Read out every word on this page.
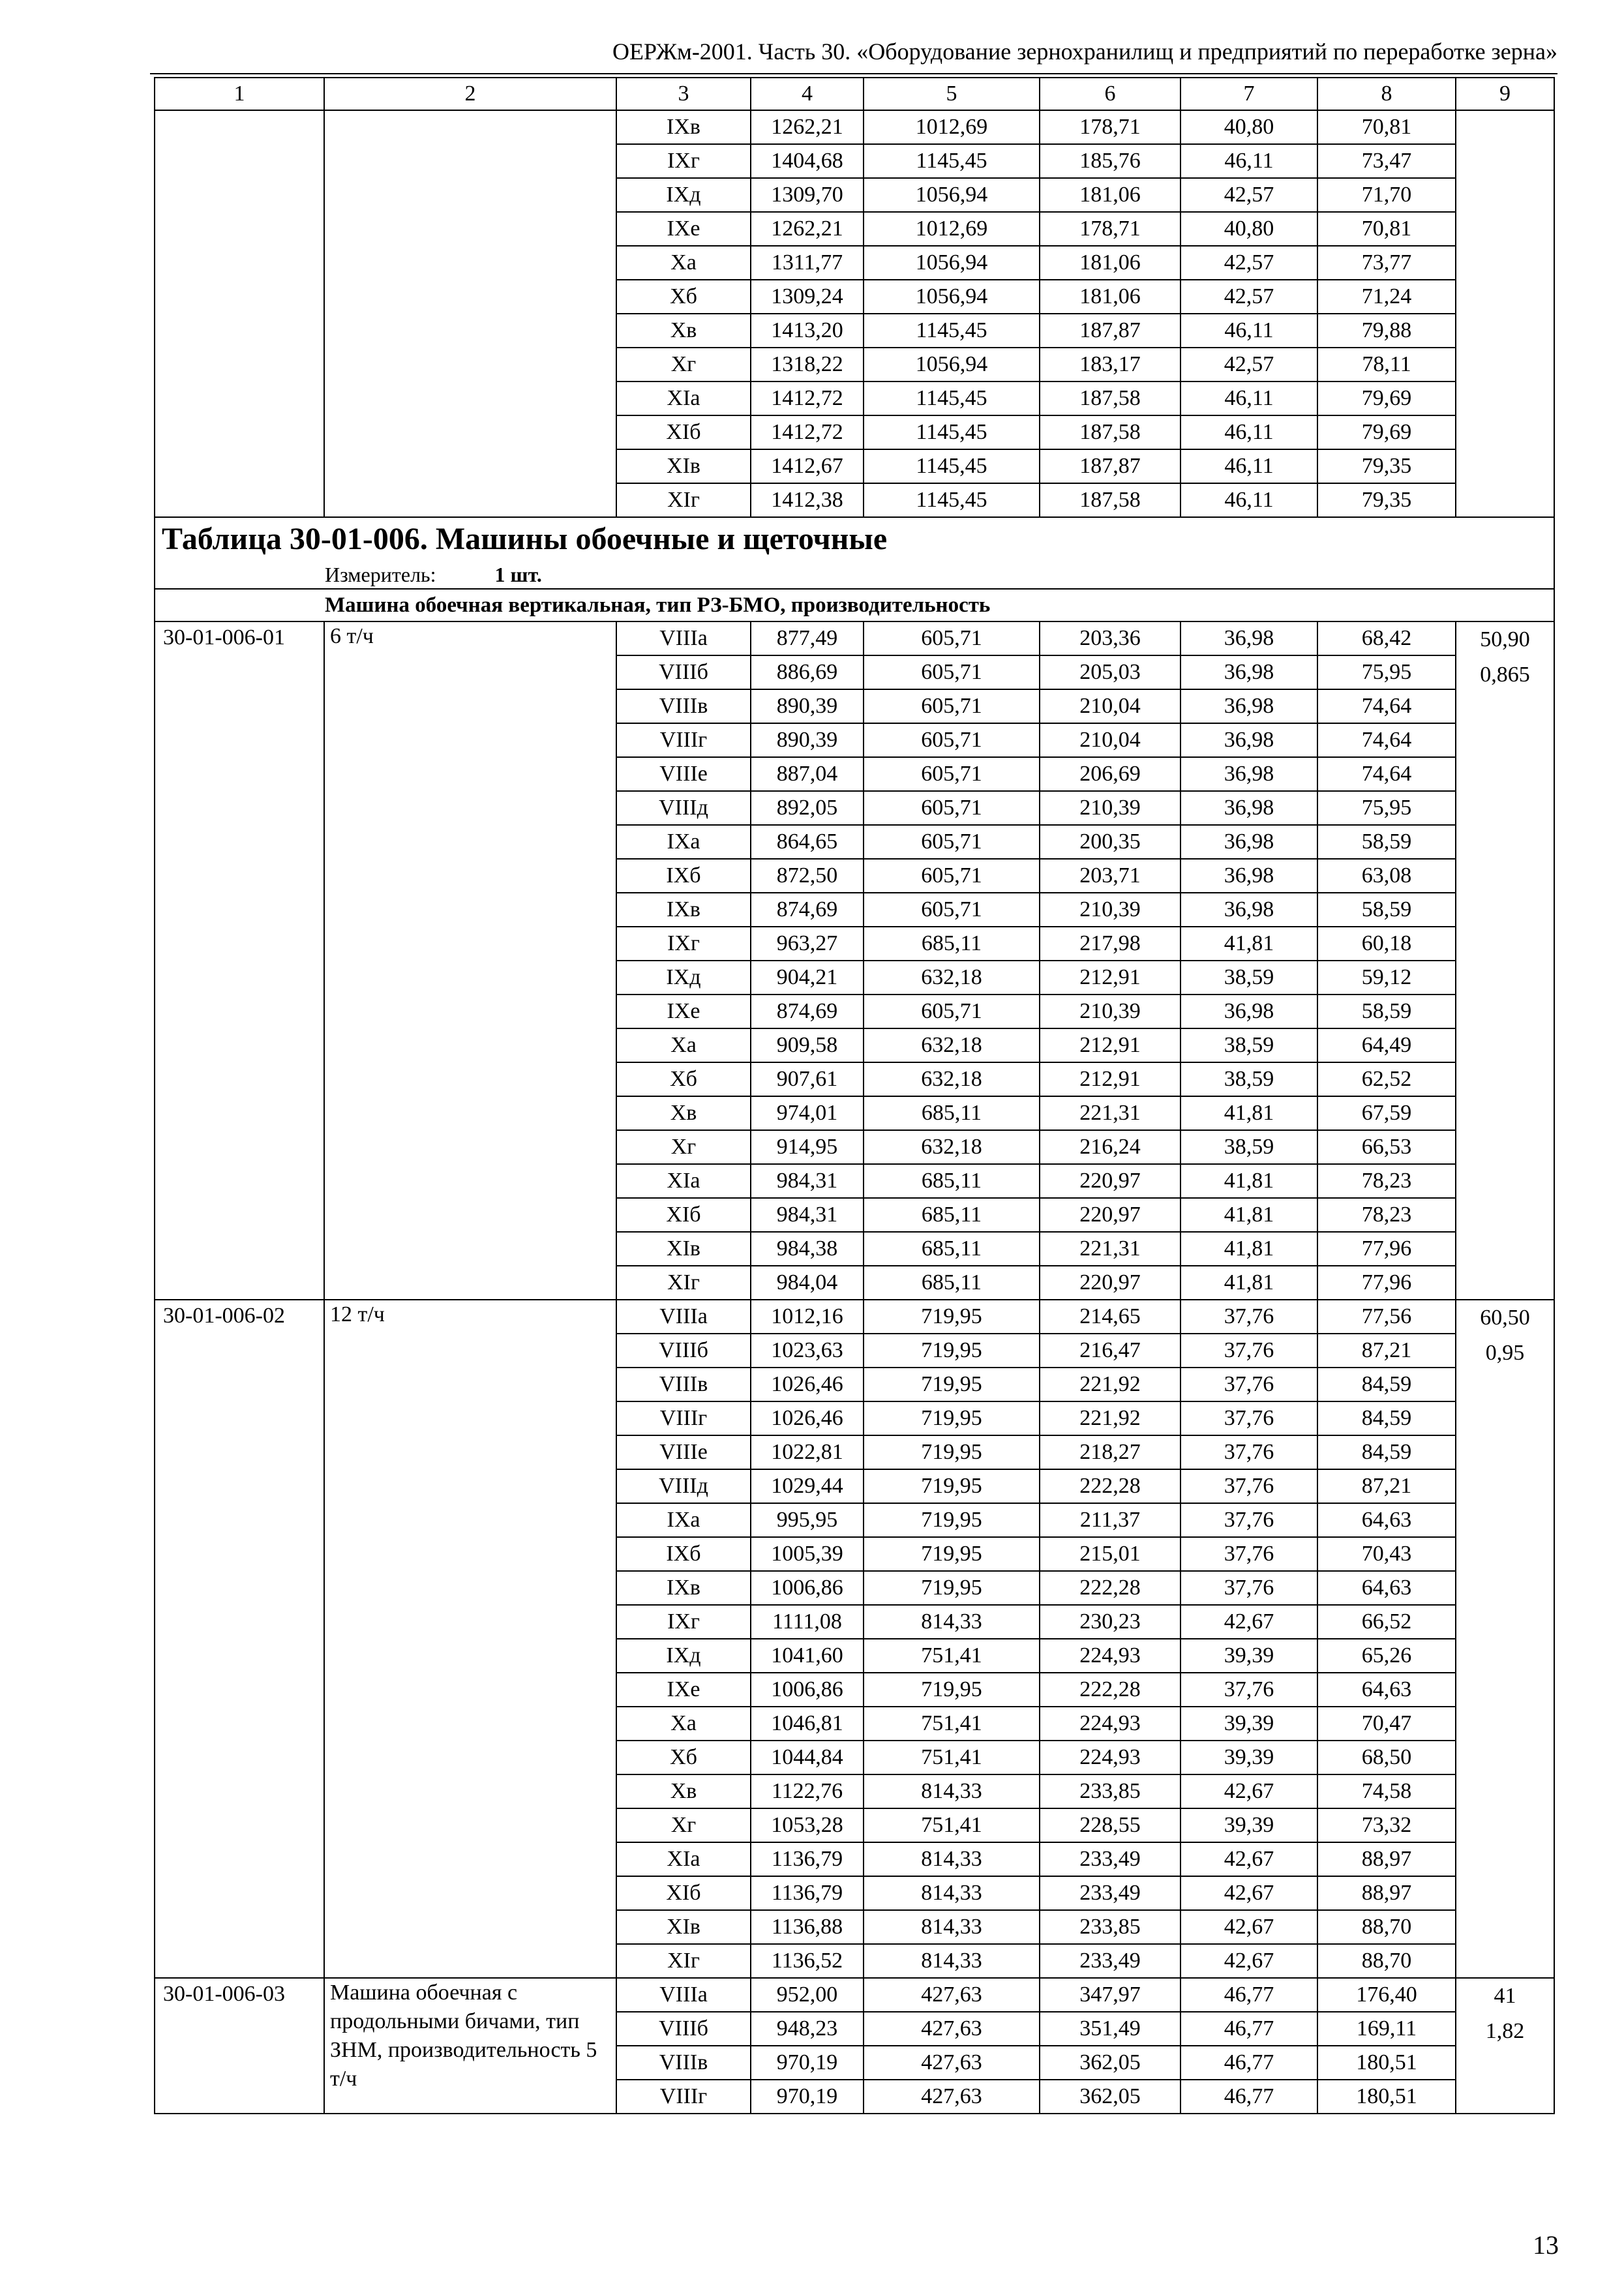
ОЕРЖм-2001. Часть 30. «Оборудование зернохранилищ и предприятий по переработке зерна»
1	2	3	4	5	6	7	8	9
		IXв	1262,21	1012,69	178,71	40,80	70,81	
		IXг	1404,68	1145,45	185,76	46,11	73,47	
		IXд	1309,70	1056,94	181,06	42,57	71,70	
		IXе	1262,21	1012,69	178,71	40,80	70,81	
		Xа	1311,77	1056,94	181,06	42,57	73,77	
		Xб	1309,24	1056,94	181,06	42,57	71,24	
		Xв	1413,20	1145,45	187,87	46,11	79,88	
		Xг	1318,22	1056,94	183,17	42,57	78,11	
		XIа	1412,72	1145,45	187,58	46,11	79,69	
		XIб	1412,72	1145,45	187,58	46,11	79,69	
		XIв	1412,67	1145,45	187,87	46,11	79,35	
		XIг	1412,38	1145,45	187,58	46,11	79,35	
Таблица 30-01-006. Машины обоечные и щеточные								
Измеритель: 1 шт.								
Машина обоечная вертикальная, тип РЗ-БМО, производительность								
30-01-006-01	6 т/ч	VIIIа	877,49	605,71	203,36	36,98	68,42	50,90
0,865

		VIIIб	886,69	605,71	205,03	36,98	75,95	
		VIIIв	890,39	605,71	210,04	36,98	74,64	
		VIIIг	890,39	605,71	210,04	36,98	74,64	
		VIIIе	887,04	605,71	206,69	36,98	74,64	
		VIIIд	892,05	605,71	210,39	36,98	75,95	
		IXа	864,65	605,71	200,35	36,98	58,59	
		IXб	872,50	605,71	203,71	36,98	63,08	
		IXв	874,69	605,71	210,39	36,98	58,59	
		IXг	963,27	685,11	217,98	41,81	60,18	
		IXд	904,21	632,18	212,91	38,59	59,12	
		IXе	874,69	605,71	210,39	36,98	58,59	
		Xа	909,58	632,18	212,91	38,59	64,49	
		Xб	907,61	632,18	212,91	38,59	62,52	
		Xв	974,01	685,11	221,31	41,81	67,59	
		Xг	914,95	632,18	216,24	38,59	66,53	
		XIа	984,31	685,11	220,97	41,81	78,23	
		XIб	984,31	685,11	220,97	41,81	78,23	
		XIв	984,38	685,11	221,31	41,81	77,96	
		XIг	984,04	685,11	220,97	41,81	77,96	
30-01-006-02	12 т/ч	VIIIа	1012,16	719,95	214,65	37,76	77,56	60,50
0,95

		VIIIб	1023,63	719,95	216,47	37,76	87,21	
		VIIIв	1026,46	719,95	221,92	37,76	84,59	
		VIIIг	1026,46	719,95	221,92	37,76	84,59	
		VIIIе	1022,81	719,95	218,27	37,76	84,59	
		VIIIд	1029,44	719,95	222,28	37,76	87,21	
		IXа	995,95	719,95	211,37	37,76	64,63	
		IXб	1005,39	719,95	215,01	37,76	70,43	
		IXв	1006,86	719,95	222,28	37,76	64,63	
		IXг	1111,08	814,33	230,23	42,67	66,52	
		IXд	1041,60	751,41	224,93	39,39	65,26	
		IXе	1006,86	719,95	222,28	37,76	64,63	
		Xа	1046,81	751,41	224,93	39,39	70,47	
		Xб	1044,84	751,41	224,93	39,39	68,50	
		Xв	1122,76	814,33	233,85	42,67	74,58	
		Xг	1053,28	751,41	228,55	39,39	73,32	
		XIа	1136,79	814,33	233,49	42,67	88,97	
		XIб	1136,79	814,33	233,49	42,67	88,97	
		XIв	1136,88	814,33	233,85	42,67	88,70	
		XIг	1136,52	814,33	233,49	42,67	88,70	
30-01-006-03	Машина обоечная с продольными бичами, тип ЗНМ, производительность 5 т/ч	VIIIа	952,00	427,63	347,97	46,77	176,40	41
1,82

		VIIIб	948,23	427,63	351,49	46,77	169,11	
		VIIIв	970,19	427,63	362,05	46,77	180,51	
		VIIIг	970,19	427,63	362,05	46,77	180,51	
13
